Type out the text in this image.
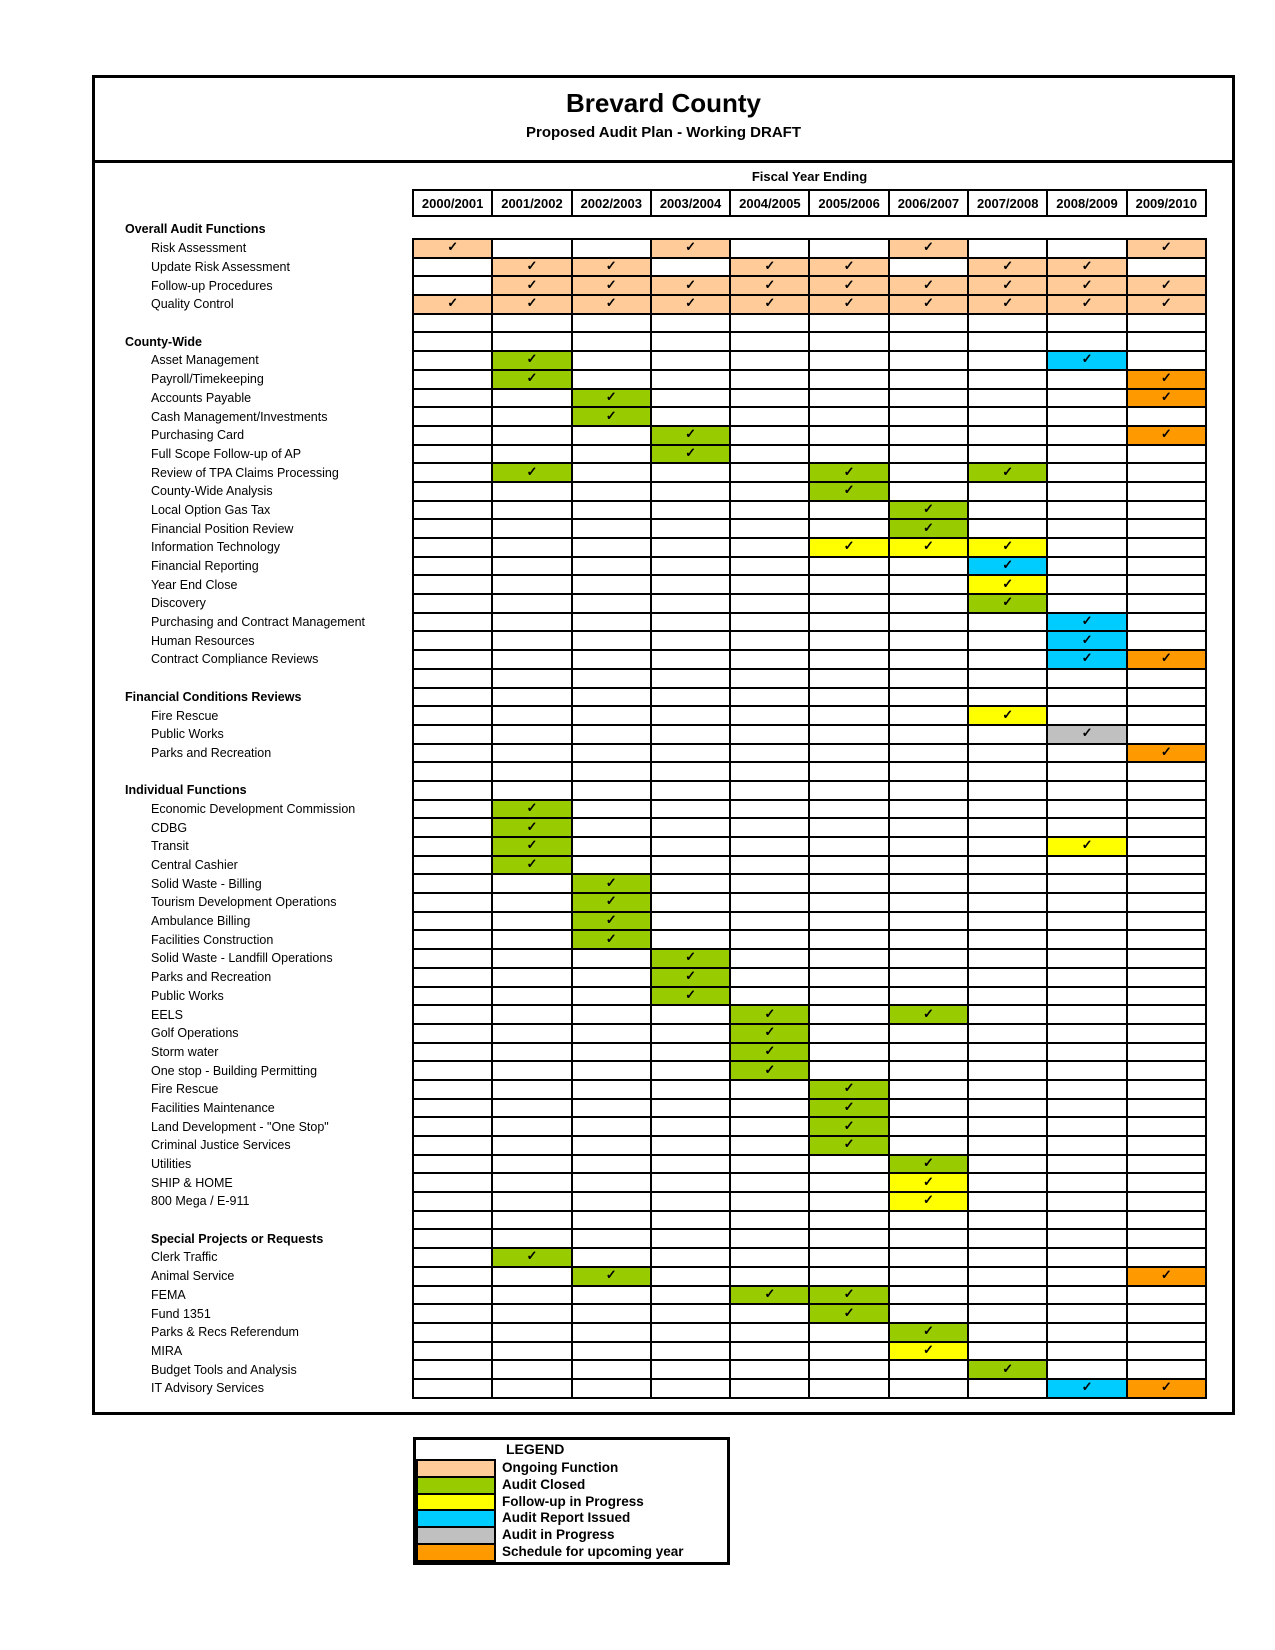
Brevard County
Proposed Audit Plan - Working DRAFT
Fiscal Year Ending
	2000/2001	2001/2002	2002/2003	2003/2004	2004/2005	2005/2006	2006/2007	2007/2008	2008/2009	2009/2010
Overall Audit Functions
Risk Assessment	✓			✓			✓			✓
Update Risk Assessment		✓	✓		✓	✓		✓	✓	
Follow-up Procedures		✓	✓	✓	✓	✓	✓	✓	✓	✓
Quality Control	✓	✓	✓	✓	✓	✓	✓	✓	✓	✓

County-Wide										
Asset Management		✓							✓	
Payroll/Timekeeping		✓								✓
Accounts Payable			✓							✓
Cash Management/Investments			✓							
Purchasing Card				✓						✓
Full Scope Follow-up of AP				✓						
Review of TPA Claims Processing		✓				✓		✓		
County-Wide Analysis						✓				
Local Option Gas Tax							✓			
Financial Position Review							✓			
Information Technology						✓	✓	✓		
Financial Reporting								✓		
Year End Close								✓		
Discovery								✓		
Purchasing and Contract Management									✓	
Human Resources									✓	
Contract Compliance Reviews									✓	✓

Financial Conditions Reviews										
Fire Rescue								✓		
Public Works									✓	
Parks and Recreation										✓

Individual Functions										
Economic Development Commission		✓								
CDBG		✓								
Transit		✓							✓	
Central Cashier		✓								
Solid Waste - Billing			✓							
Tourism Development Operations			✓							
Ambulance Billing			✓							
Facilities Construction			✓							
Solid Waste - Landfill Operations				✓						
Parks and Recreation				✓						
Public Works				✓						
EELS					✓		✓			
Golf Operations					✓					
Storm water					✓					
One stop - Building Permitting					✓					
Fire Rescue						✓				
Facilities Maintenance						✓				
Land Development - "One Stop"						✓				
Criminal Justice Services						✓				
Utilities							✓			
SHIP & HOME							✓			
800 Mega / E-911							✓			

Special Projects or Requests										
Clerk Traffic		✓								
Animal Service			✓							✓
FEMA					✓	✓				
Fund 1351						✓				
Parks & Recs Referendum							✓			
MIRA							✓			
Budget Tools and Analysis								✓		
IT Advisory Services									✓	✓
LEGEND
Ongoing Function
Audit Closed
Follow-up in Progress
Audit Report Issued
Audit in Progress
Schedule for upcoming year
